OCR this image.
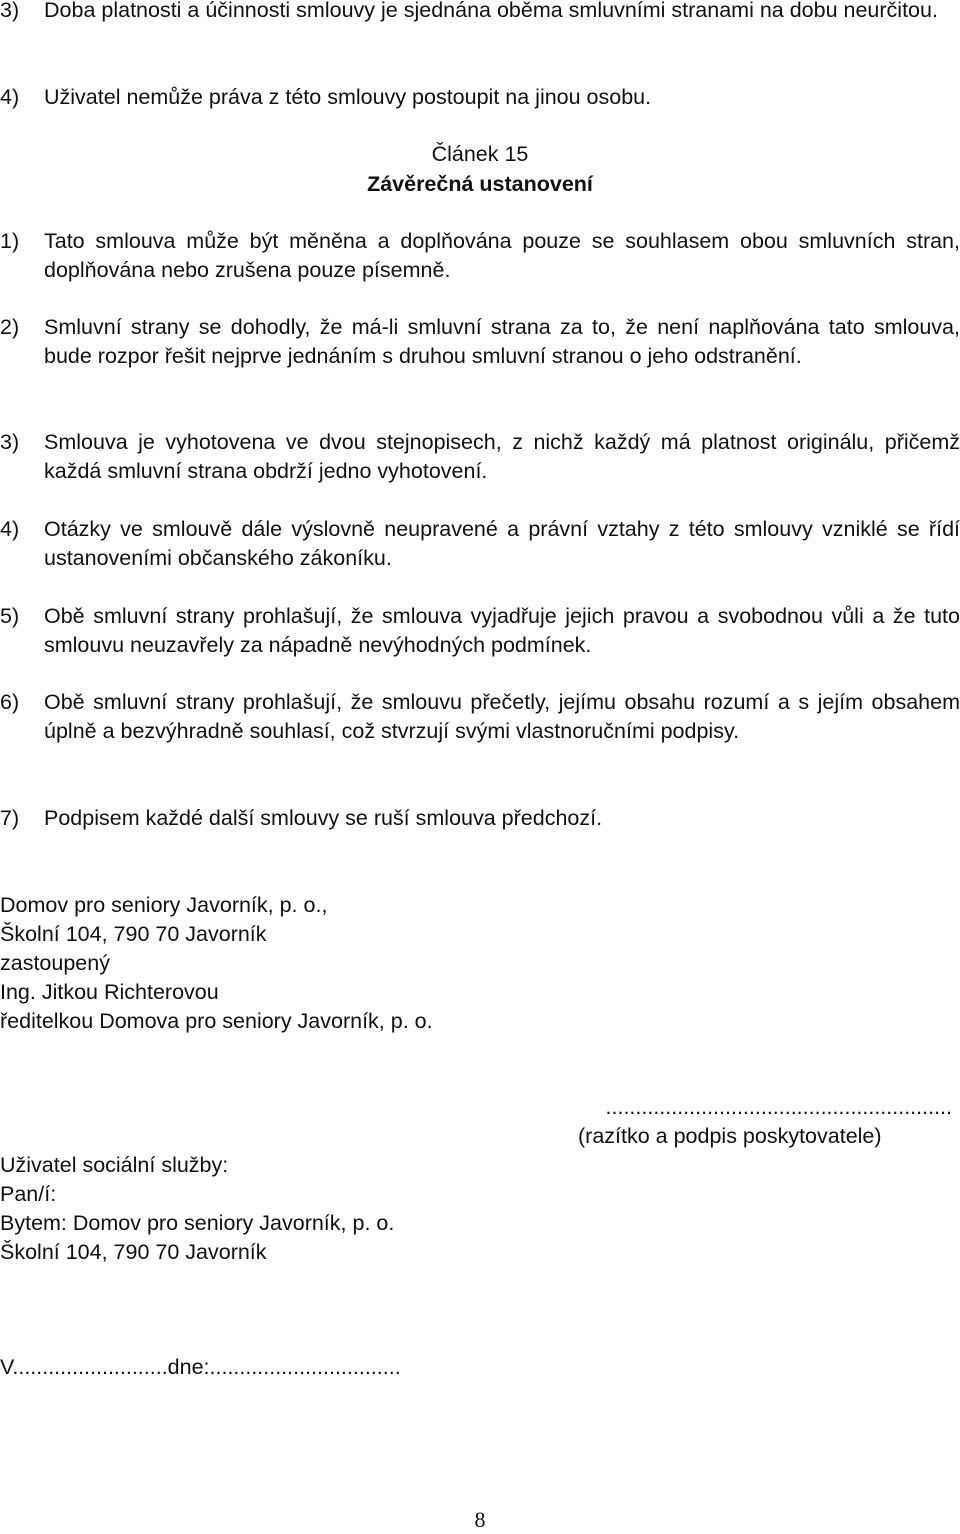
3) Doba platnosti a účinnosti smlouvy je sjednána oběma smluvními stranami na dobu neurčitou.
4) Uživatel nemůže práva z této smlouvy postoupit na jinou osobu.
Článek 15
Závěrečná ustanovení
1) Tato smlouva může být měněna a doplňována pouze se souhlasem obou smluvních stran, doplňována nebo zrušena pouze písemně.
2) Smluvní strany se dohodly, že má-li smluvní strana za to, že není naplňována tato smlouva, bude rozpor řešit nejprve jednáním s druhou smluvní stranou o jeho odstranění.
3) Smlouva je vyhotovena ve dvou stejnopisech, z nichž každý má platnost originálu, přičemž každá smluvní strana obdrží jedno vyhotovení.
4) Otázky ve smlouvě dále výslovně neupravené a právní vztahy z této smlouvy vzniklé se řídí ustanoveními občanského zákoníku.
5) Obě smluvní strany prohlašují, že smlouva vyjadřuje jejich pravou a svobodnou vůli a že tuto smlouvu neuzavřely za nápadně nevýhodných podmínek.
6) Obě smluvní strany prohlašují, že smlouvu přečetly, jejímu obsahu rozumí a s jejím obsahem úplně a bezvýhradně souhlasí, což stvrzují svými vlastnoručními podpisy.
7) Podpisem každé další smlouvy se ruší smlouva předchozí.
Domov pro seniory Javorník, p. o.,
Školní 104, 790 70 Javorník
zastoupený
Ing. Jitkou Richterovou
ředitelkou Domova pro seniory Javorník, p. o.
..........................................................
(razítko a podpis poskytovatele)
Uživatel sociální služby:
Pan/í:
Bytem: Domov pro seniory Javorník, p. o.
Školní 104, 790 70 Javorník
V..........................dne:................................
8
